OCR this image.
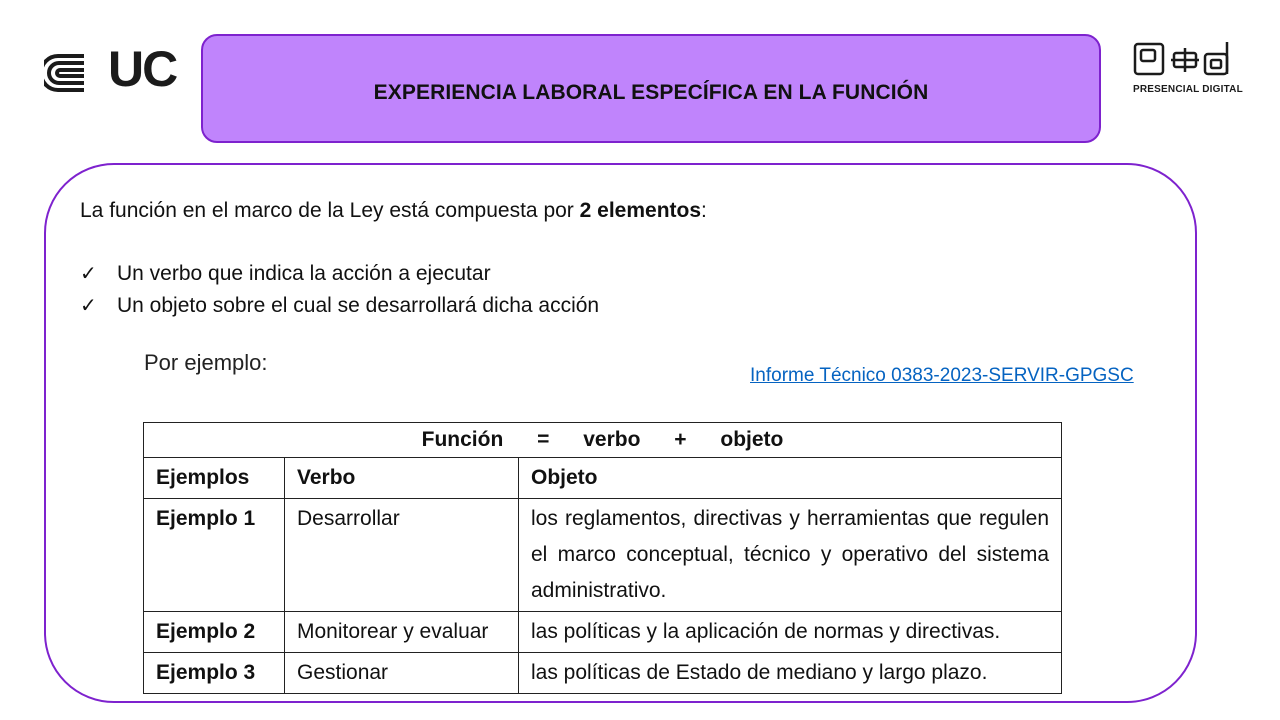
UC	EXPERIENCIA LABORAL ESPECÍFICA EN LA FUNCIÓN	PRESENCIAL DIGITAL
La función en el marco de la Ley está compuesta por 2 elementos:
✓ Un verbo que indica la acción a ejecutar
✓ Un objeto sobre el cual se desarrollará dicha acción
Por ejemplo:
Informe Técnico 0383-2023-SERVIR-GPGSC
Función = verbo + objeto		
Ejemplos	Verbo	Objeto
Ejemplo 1	Desarrollar	los reglamentos, directivas y herramientas que regulen el marco conceptual, técnico y operativo del sistema administrativo.
Ejemplo 2	Monitorear y evaluar	las políticas y la aplicación de normas y directivas.
Ejemplo 3	Gestionar	las políticas de Estado de mediano y largo plazo.
